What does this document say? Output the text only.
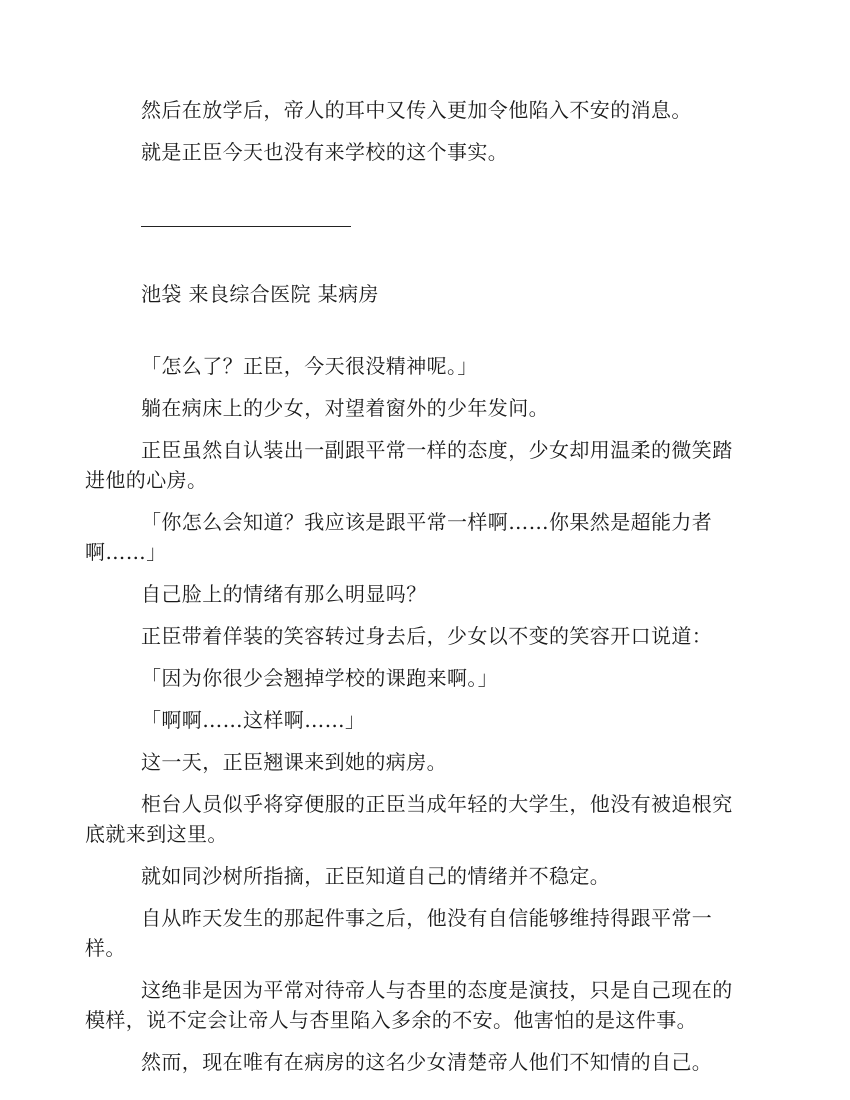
然后在放学后，帝人的耳中又传入更加令他陷入不安的消息。

就是正臣今天也没有来学校的这个事实。

池袋 来良综合医院 某病房

「怎么了？正臣，今天很没精神呢。」

躺在病床上的少女，对望着窗外的少年发问。

正臣虽然自认装出一副跟平常一样的态度，少女却用温柔的微笑踏进他的心房。

「你怎么会知道？我应该是跟平常一样啊……你果然是超能力者啊……」

自己脸上的情绪有那么明显吗？

正臣带着佯装的笑容转过身去后，少女以不变的笑容开口说道：

「因为你很少会翘掉学校的课跑来啊。」

「啊啊……这样啊……」

这一天，正臣翘课来到她的病房。

柜台人员似乎将穿便服的正臣当成年轻的大学生，他没有被追根究底就来到这里。

就如同沙树所指摘，正臣知道自己的情绪并不稳定。

自从昨天发生的那起件事之后，他没有自信能够维持得跟平常一样。

这绝非是因为平常对待帝人与杏里的态度是演技，只是自己现在的模样，说不定会让帝人与杏里陷入多余的不安。他害怕的是这件事。

然而，现在唯有在病房的这名少女清楚帝人他们不知情的自己。
